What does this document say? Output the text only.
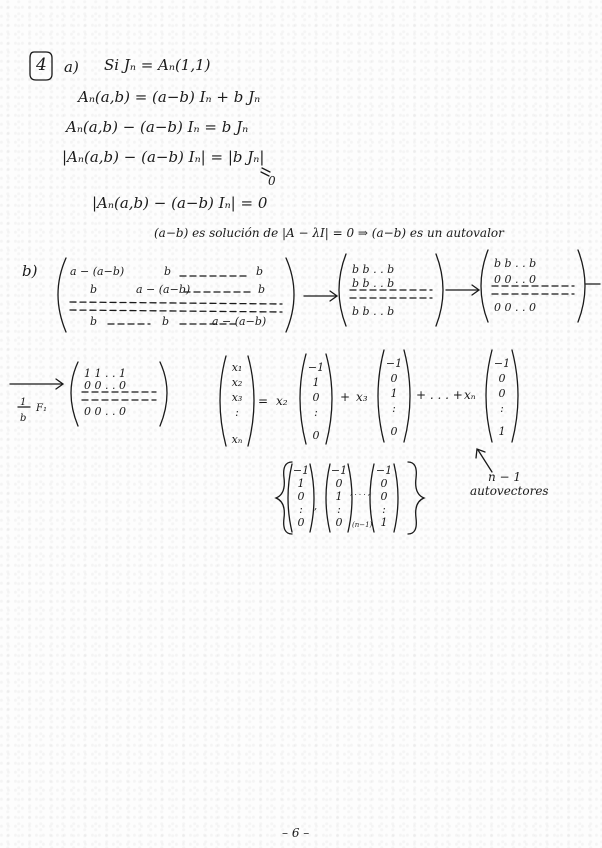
4 a) Si Jₙ = Aₙ(1,1)
Aₙ(a,b) = (a−b) Iₙ + b Jₙ
Aₙ(a,b) − (a−b) Iₙ = b Jₙ
|Aₙ(a,b) − (a−b) Iₙ| = |b Jₙ|
0
|Aₙ(a,b) − (a−b) Iₙ| = 0
(a−b) es solución de |A − λI| = 0 ⇒ (a−b) es un autovalor
b)	a − (a−b)	b	b
b	a − (a−b)	b
b	b	a − (a−b)
b b . . b
b b . . b
b b . . b
b b . . b
0 0 . . 0
0 0 . . 0
1
b
F₁
1 1 . . 1
0 0 . . 0
0 0 . . 0
x₁
x₂
x₃
:
xₙ
= x₂
−1
1
0
:
0
+ x₃
−1
0
1
:
0
+ . . . + xₙ
−1
0
0
:
1
n − 1
autovectores
−1
1
0
:
0
,
−1
0
1
:
0
, . . . ,
(n−1)
−1
0
0
:
1
– 6 –
